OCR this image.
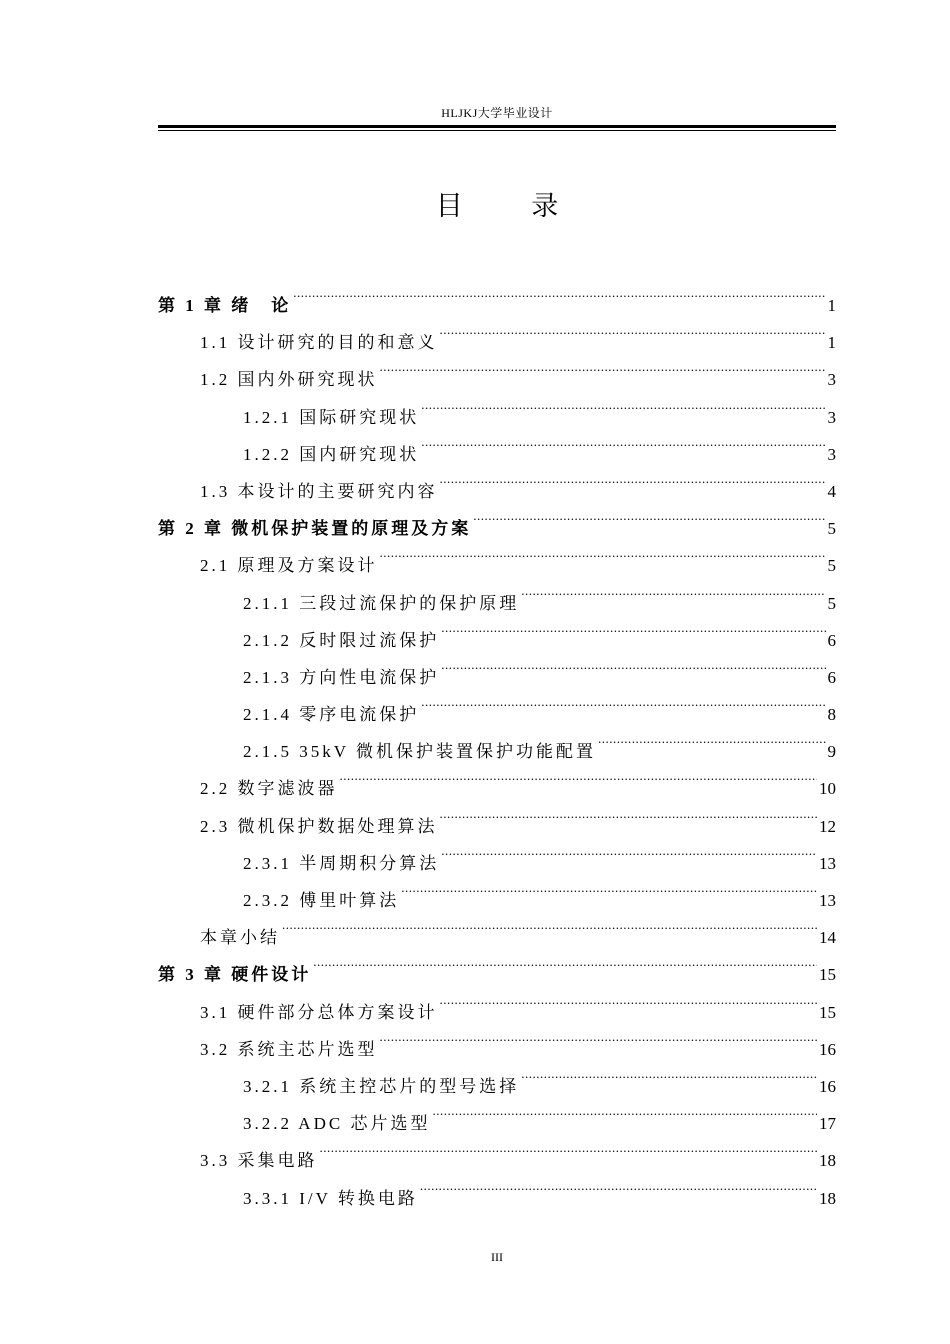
HLJKJ大学毕业设计
目 录
第 1 章 绪　论 .....	1
1.1 设计研究的目的和意义 .....	1
1.2 国内外研究现状 .....	3
1.2.1 国际研究现状 .....	3
1.2.2 国内研究现状 .....	3
1.3 本设计的主要研究内容 .....	4
第 2 章 微机保护装置的原理及方案 .....	5
2.1 原理及方案设计 .....	5
2.1.1 三段过流保护的保护原理 .....	5
2.1.2 反时限过流保护 .....	6
2.1.3 方向性电流保护 .....	6
2.1.4 零序电流保护 .....	8
2.1.5 35kV 微机保护装置保护功能配置 .....	9
2.2 数字滤波器 .....	10
2.3 微机保护数据处理算法 .....	12
2.3.1 半周期积分算法 .....	13
2.3.2 傅里叶算法 .....	13
本章小结 .....	14
第 3 章 硬件设计 .....	15
3.1 硬件部分总体方案设计 .....	15
3.2 系统主芯片选型 .....	16
3.2.1 系统主控芯片的型号选择 .....	16
3.2.2 ADC 芯片选型 .....	17
3.3 采集电路 .....	18
3.3.1 I/V 转换电路 .....	18
III
